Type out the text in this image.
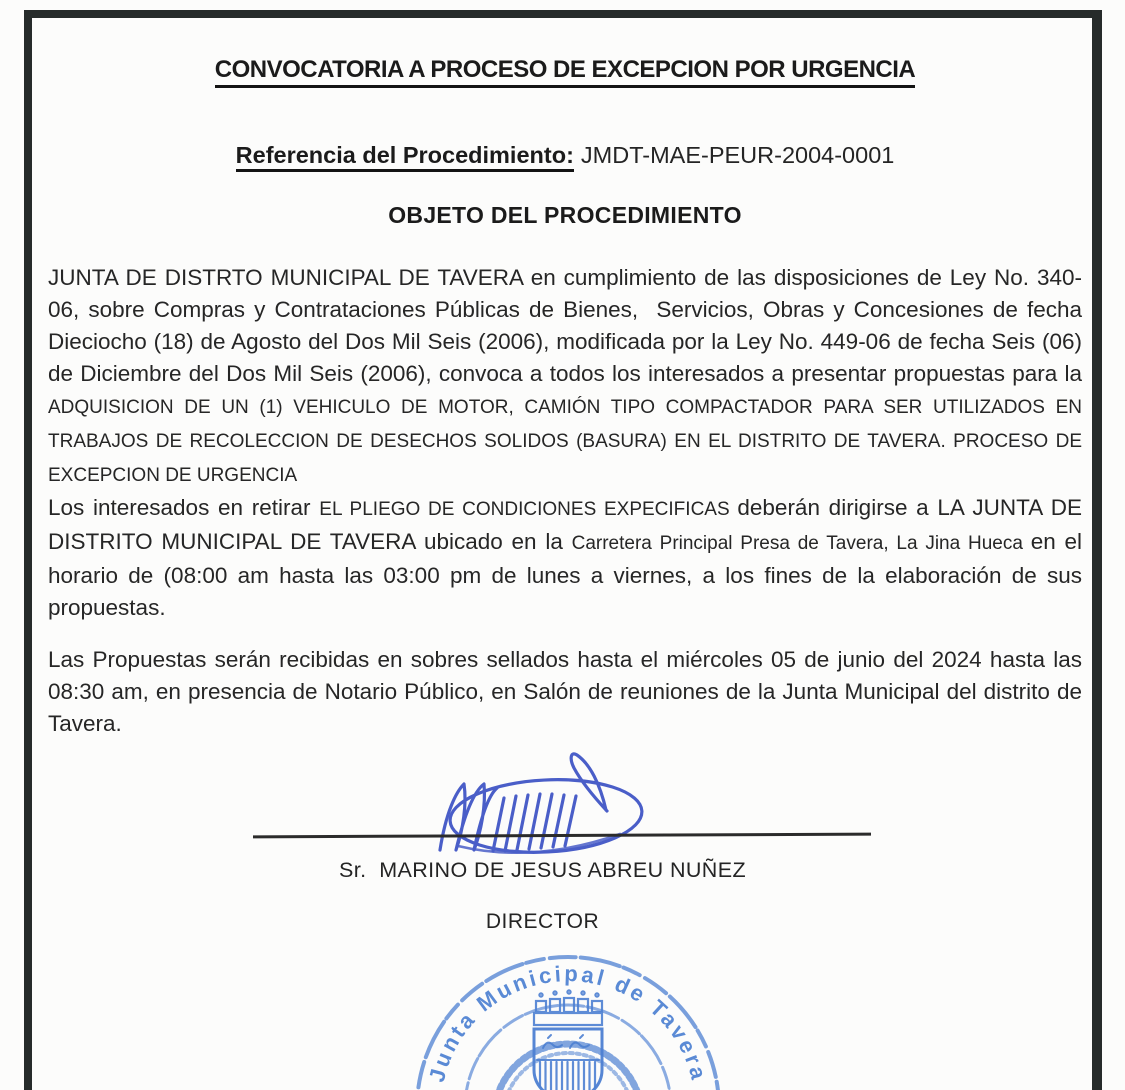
CONVOCATORIA A PROCESO DE EXCEPCION POR URGENCIA
Referencia del Procedimiento: JMDT-MAE-PEUR-2004-0001
OBJETO DEL PROCEDIMIENTO

JUNTA DE DISTRTO MUNICIPAL DE TAVERA en cumplimiento de las disposiciones de Ley No. 340-06, sobre Compras y Contrataciones Públicas de Bienes,  Servicios, Obras y Concesiones de fecha Dieciocho (18) de Agosto del Dos Mil Seis (2006), modificada por la Ley No. 449-06 de fecha Seis (06) de Diciembre del Dos Mil Seis (2006), convoca a todos los interesados a presentar propuestas para la ADQUISICION DE UN (1) VEHICULO DE MOTOR, CAMIÓN TIPO COMPACTADOR PARA SER UTILIZADOS EN TRABAJOS DE RECOLECCION DE DESECHOS SOLIDOS (BASURA) EN EL DISTRITO DE TAVERA. PROCESO DE EXCEPCION DE URGENCIA

Los interesados en retirar EL PLIEGO DE CONDICIONES EXPECIFICAS deberán dirigirse a LA JUNTA DE DISTRITO MUNICIPAL DE TAVERA ubicado en la Carretera Principal Presa de Tavera, La Jina Hueca en el horario de (08:00 am hasta las 03:00 pm de lunes a viernes, a los fines de la elaboración de sus propuestas.

Las Propuestas serán recibidas en sobres sellados hasta el miércoles 05 de junio del 2024 hasta las 08:30 am, en presencia de Notario Público, en Salón de reuniones de la Junta Municipal del distrito de Tavera.

Sr.  MARINO DE JESUS ABREU NUÑEZ
DIRECTOR
Junta Municipal de Tavera
